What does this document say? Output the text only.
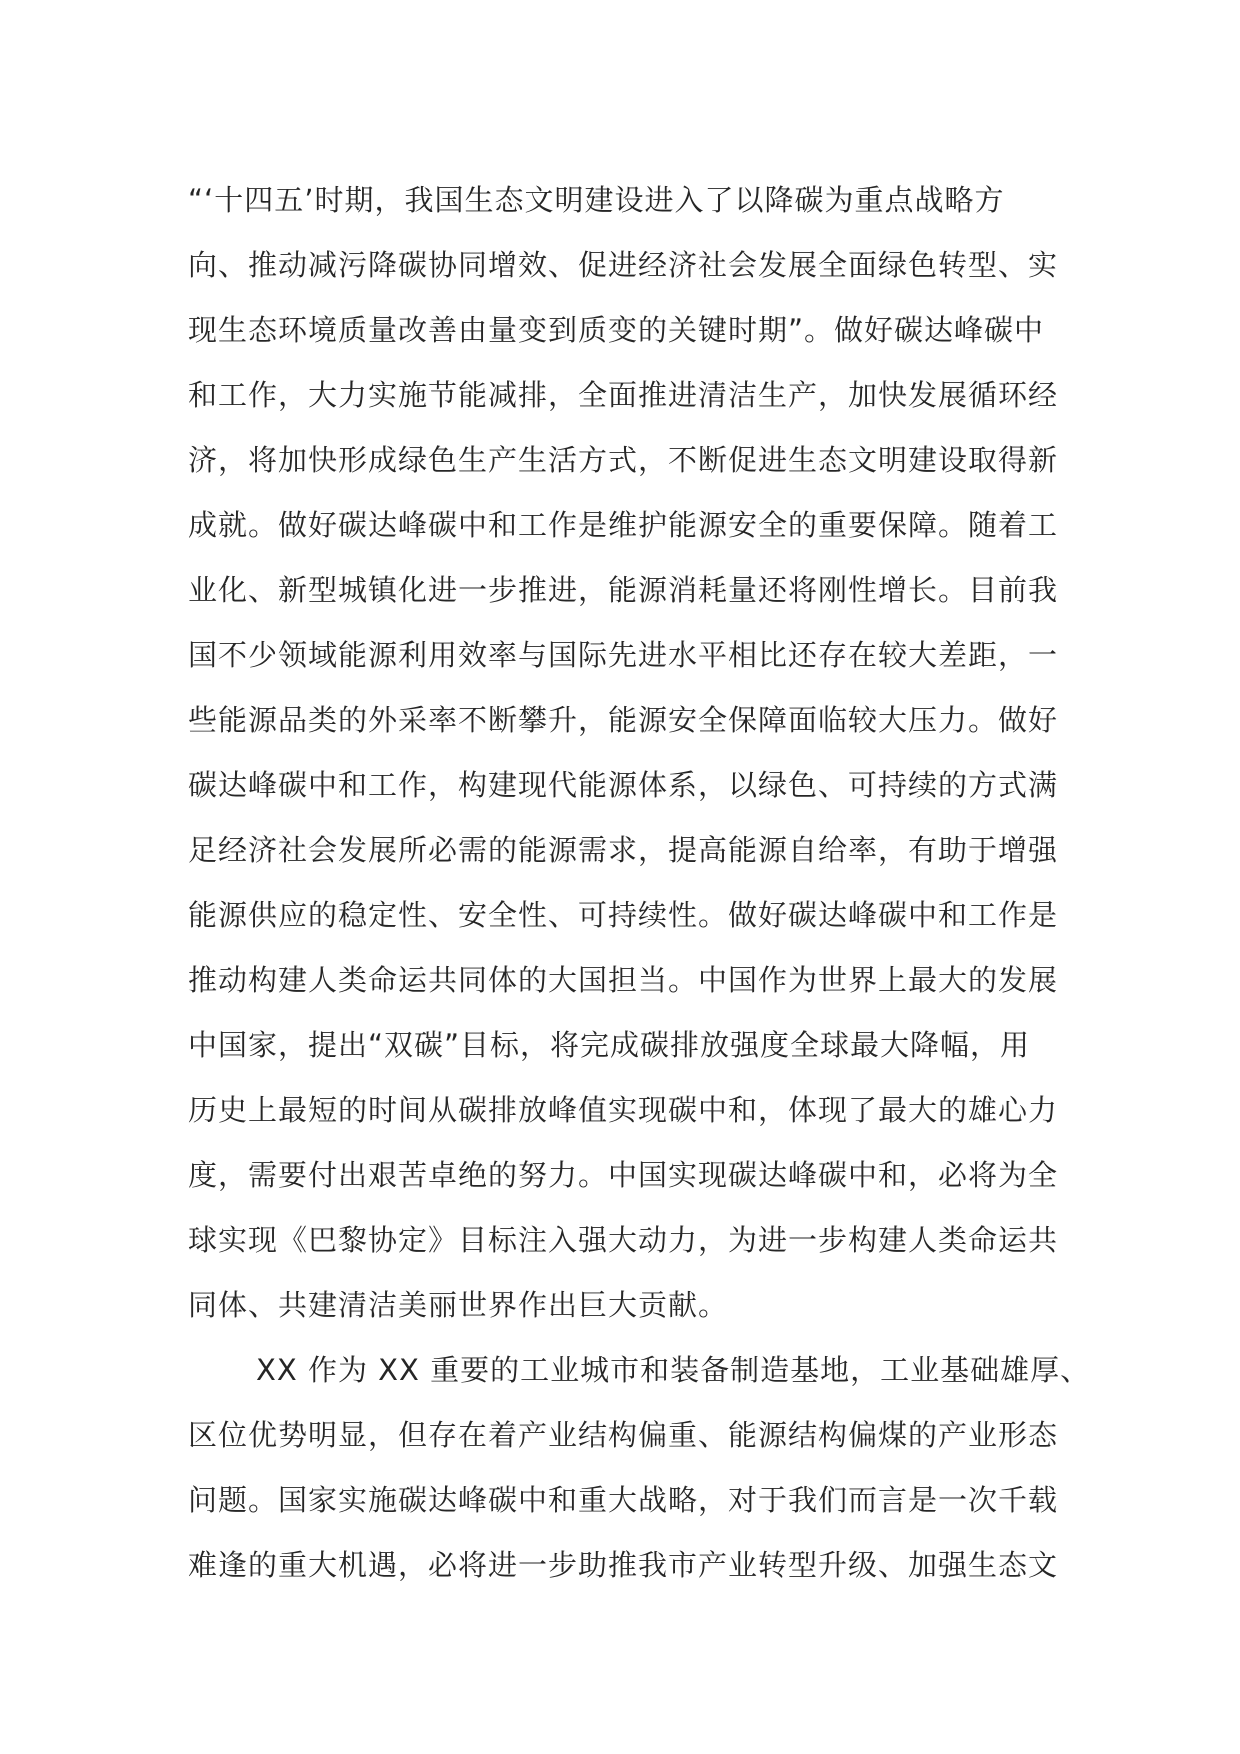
“‘十四五’时期，我国生态文明建设进入了以降碳为重点战略方
向、推动减污降碳协同增效、促进经济社会发展全面绿色转型、实
现生态环境质量改善由量变到质变的关键时期”。做好碳达峰碳中
和工作，大力实施节能减排，全面推进清洁生产，加快发展循环经
济，将加快形成绿色生产生活方式，不断促进生态文明建设取得新
成就。做好碳达峰碳中和工作是维护能源安全的重要保障。随着工
业化、新型城镇化进一步推进，能源消耗量还将刚性增长。目前我
国不少领域能源利用效率与国际先进水平相比还存在较大差距，一
些能源品类的外采率不断攀升，能源安全保障面临较大压力。做好
碳达峰碳中和工作，构建现代能源体系，以绿色、可持续的方式满
足经济社会发展所必需的能源需求，提高能源自给率，有助于增强
能源供应的稳定性、安全性、可持续性。做好碳达峰碳中和工作是
推动构建人类命运共同体的大国担当。中国作为世界上最大的发展
中国家，提出“双碳”目标，将完成碳排放强度全球最大降幅，用
历史上最短的时间从碳排放峰值实现碳中和，体现了最大的雄心力
度，需要付出艰苦卓绝的努力。中国实现碳达峰碳中和，必将为全
球实现《巴黎协定》目标注入强大动力，为进一步构建人类命运共
同体、共建清洁美丽世界作出巨大贡献。
XX 作为 XX 重要的工业城市和装备制造基地，工业基础雄厚、
区位优势明显，但存在着产业结构偏重、能源结构偏煤的产业形态
问题。国家实施碳达峰碳中和重大战略，对于我们而言是一次千载
难逢的重大机遇，必将进一步助推我市产业转型升级、加强生态文
